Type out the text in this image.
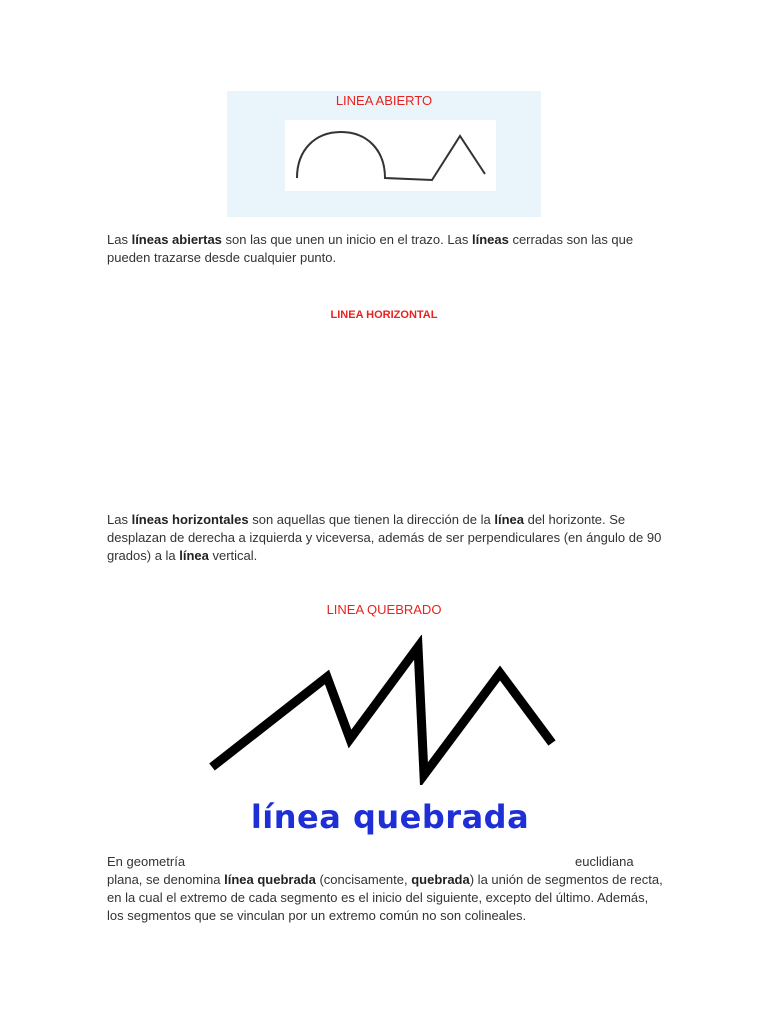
LINEA ABIERTO
Las líneas abiertas son las que unen un inicio en el trazo. Las líneas cerradas son las que pueden trazarse desde cualquier punto.
LINEA HORIZONTAL
Las líneas horizontales son aquellas que tienen la dirección de la línea del horizonte. Se desplazan de derecha a izquierda y viceversa, además de ser perpendiculares (en ángulo de 90 grados) a la línea vertical.
LINEA QUEBRADO
línea quebrada
En geometría	euclidiana plana, se denomina línea quebrada (concisamente, quebrada) la unión de segmentos de recta, en la cual el extremo de cada segmento es el inicio del siguiente, excepto del último. Además, los segmentos que se vinculan por un extremo común no son colineales.
